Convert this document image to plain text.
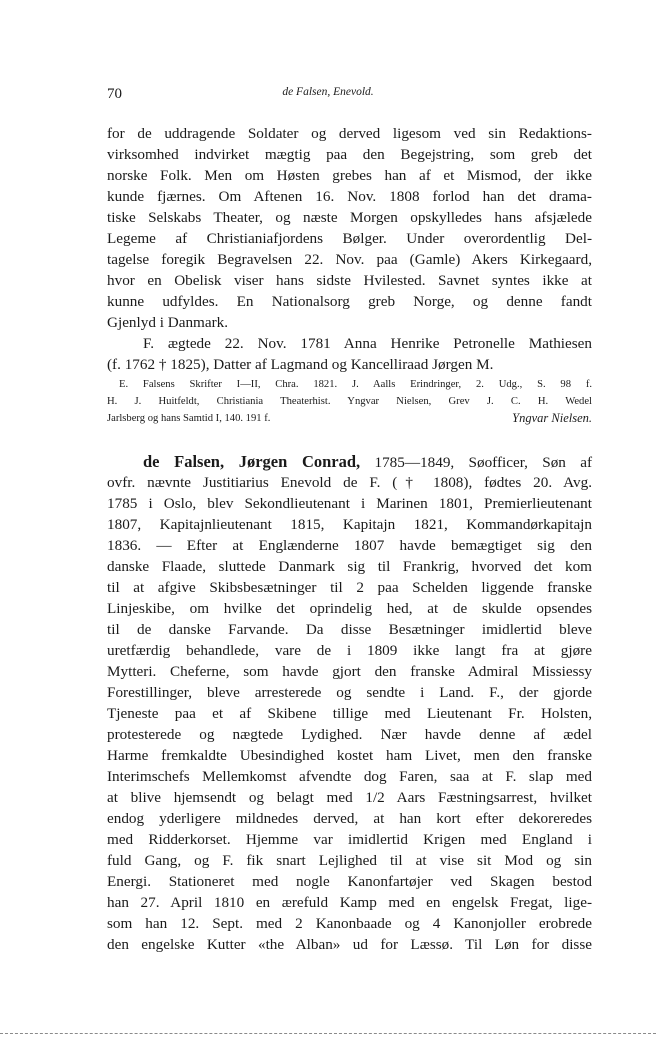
70	de Falsen, Enevold.
for de uddragende Soldater og derved ligesom ved sin Redaktions-
virksomhed indvirket mægtig paa den Begejstring, som greb det
norske Folk. Men om Høsten grebes han af et Mismod, der ikke
kunde fjærnes. Om Aftenen 16. Nov. 1808 forlod han det drama-
tiske Selskabs Theater, og næste Morgen opskylledes hans afsjælede
Legeme af Christianiafjordens Bølger. Under overordentlig Del-
tagelse foregik Begravelsen 22. Nov. paa (Gamle) Akers Kirkegaard,
hvor en Obelisk viser hans sidste Hvilested. Savnet syntes ikke at
kunne udfyldes. En Nationalsorg greb Norge, og denne fandt
Gjenlyd i Danmark.
F. ægtede 22. Nov. 1781 Anna Henrike Petronelle Mathiesen
(f. 1762 † 1825), Datter af Lagmand og Kancelliraad Jørgen M.
E. Falsens Skrifter I—II, Chra. 1821. J. Aalls Erindringer, 2. Udg., S. 98 f.
H. J. Huitfeldt, Christiania Theaterhist. Yngvar Nielsen, Grev J. C. H. Wedel
Jarlsberg og hans Samtid I, 140. 191 f.	Yngvar Nielsen.
de Falsen, Jørgen Conrad, 1785—1849, Søofficer, Søn af
ovfr. nævnte Justitiarius Enevold de F. († 1808), fødtes 20. Avg.
1785 i Oslo, blev Sekondlieutenant i Marinen 1801, Premierlieutenant
1807, Kapitajnlieutenant 1815, Kapitajn 1821, Kommandørkapitajn
1836. — Efter at Englænderne 1807 havde bemægtiget sig den
danske Flaade, sluttede Danmark sig til Frankrig, hvorved det kom
til at afgive Skibsbesætninger til 2 paa Schelden liggende franske
Linjeskibe, om hvilke det oprindelig hed, at de skulde opsendes
til de danske Farvande. Da disse Besætninger imidlertid bleve
uretfærdig behandlede, vare de i 1809 ikke langt fra at gjøre
Mytteri. Cheferne, som havde gjort den franske Admiral Missiessy
Forestillinger, bleve arresterede og sendte i Land. F., der gjorde
Tjeneste paa et af Skibene tillige med Lieutenant Fr. Holsten,
protesterede og nægtede Lydighed. Nær havde denne af ædel
Harme fremkaldte Ubesindighed kostet ham Livet, men den franske
Interimschefs Mellemkomst afvendte dog Faren, saa at F. slap med
at blive hjemsendt og belagt med 1/2 Aars Fæstningsarrest, hvilket
endog yderligere mildnedes derved, at han kort efter dekoreredes
med Ridderkorset. Hjemme var imidlertid Krigen med England i
fuld Gang, og F. fik snart Lejlighed til at vise sit Mod og sin
Energi. Stationeret med nogle Kanonfartøjer ved Skagen bestod
han 27. April 1810 en ærefuld Kamp med en engelsk Fregat, lige-
som han 12. Sept. med 2 Kanonbaade og 4 Kanonjoller erobrede
den engelske Kutter «the Alban» ud for Læssø. Til Løn for disse
